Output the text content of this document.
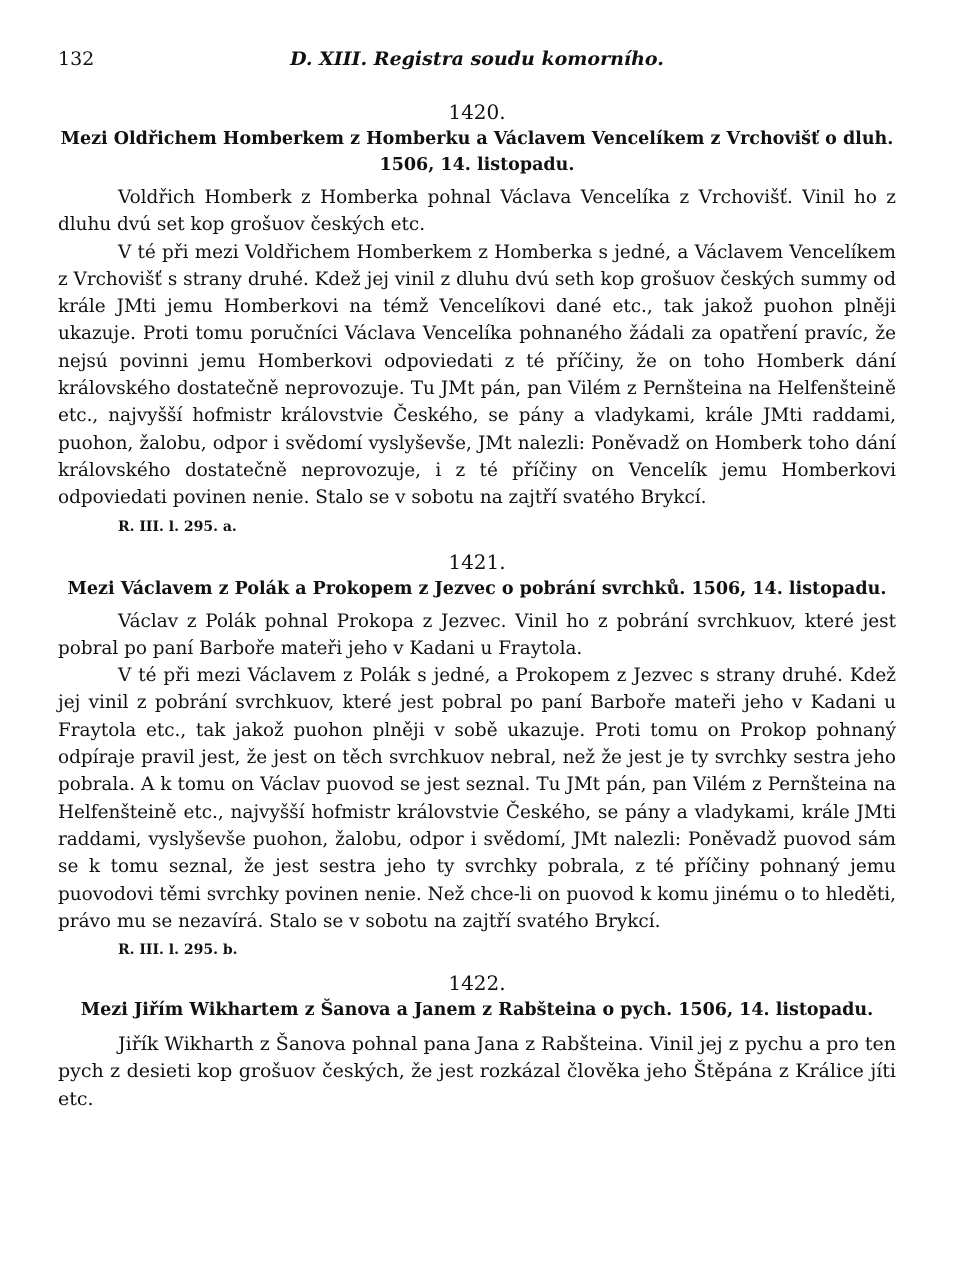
132	D. XIII. Registra soudu komorního.
1420.
Mezi Oldřichem Homberkem z Homberku a Václavem Vencelíkem z Vrchovišť o dluh. 1506, 14. listopadu.

Voldřich Homberk z Homberka pohnal Václava Vencelíka z Vrchovišť. Vinil ho z dluhu dvú set kop grošuov českých etc.

V té při mezi Voldřichem Homberkem z Homberka s jedné, a Václavem Vencelíkem z Vrchovišť s strany druhé. Kdež jej vinil z dluhu dvú seth kop grošuov českých summy od krále JMti jemu Homberkovi na témž Vencelíkovi dané etc., tak jakož puohon plněji ukazuje. Proti tomu poručníci Václava Vencelíka pohnaného žádali za opatření pravíc, že nejsú povinni jemu Homberkovi odpoviedati z té příčiny, že on toho Homberk dání královského dostatečně neprovozuje. Tu JMt pán, pan Vilém z Pernšteina na Helfenšteině etc., najvyšší hofmistr královstvie Českého, se pány a vladykami, krále JMti raddami, puohon, žalobu, odpor i svědomí vyslyševše, JMt nalezli: Poněvadž on Homberk toho dání královského dostatečně neprovozuje, i z té příčiny on Vencelík jemu Homberkovi odpoviedati povinen nenie. Stalo se v sobotu na zajtří svatého Brykcí.

R. III. l. 295. a.
1421.
Mezi Václavem z Polák a Prokopem z Jezvec o pobrání svrchků. 1506, 14. listopadu.

Václav z Polák pohnal Prokopa z Jezvec. Vinil ho z pobrání svrchkuov, které jest pobral po paní Barboře mateři jeho v Kadani u Fraytola.

V té při mezi Václavem z Polák s jedné, a Prokopem z Jezvec s strany druhé. Kdež jej vinil z pobrání svrchkuov, které jest pobral po paní Barboře mateři jeho v Kadani u Fraytola etc., tak jakož puohon plněji v sobě ukazuje. Proti tomu on Prokop pohnaný odpíraje pravil jest, že jest on těch svrchkuov nebral, než že jest je ty svrchky sestra jeho pobrala. A k tomu on Václav puovod se jest seznal. Tu JMt pán, pan Vilém z Pernšteina na Helfenšteině etc., najvyšší hofmistr královstvie Českého, se pány a vladykami, krále JMti raddami, vyslyševše puohon, žalobu, odpor i svědomí, JMt nalezli: Poněvadž puovod sám se k tomu seznal, že jest sestra jeho ty svrchky pobrala, z té příčiny pohnaný jemu puovodovi těmi svrchky povinen nenie. Než chce-li on puovod k komu jinému o to hleděti, právo mu se nezavírá. Stalo se v sobotu na zajtří svatého Brykcí.

R. III. l. 295. b.
1422.
Mezi Jiřím Wikhartem z Šanova a Janem z Rabšteina o pych. 1506, 14. listopadu.

Jiřík Wikharth z Šanova pohnal pana Jana z Rabšteina. Vinil jej z pychu a pro ten pych z desieti kop grošuov českých, že jest rozkázal člověka jeho Štěpána z Králice jíti etc.
